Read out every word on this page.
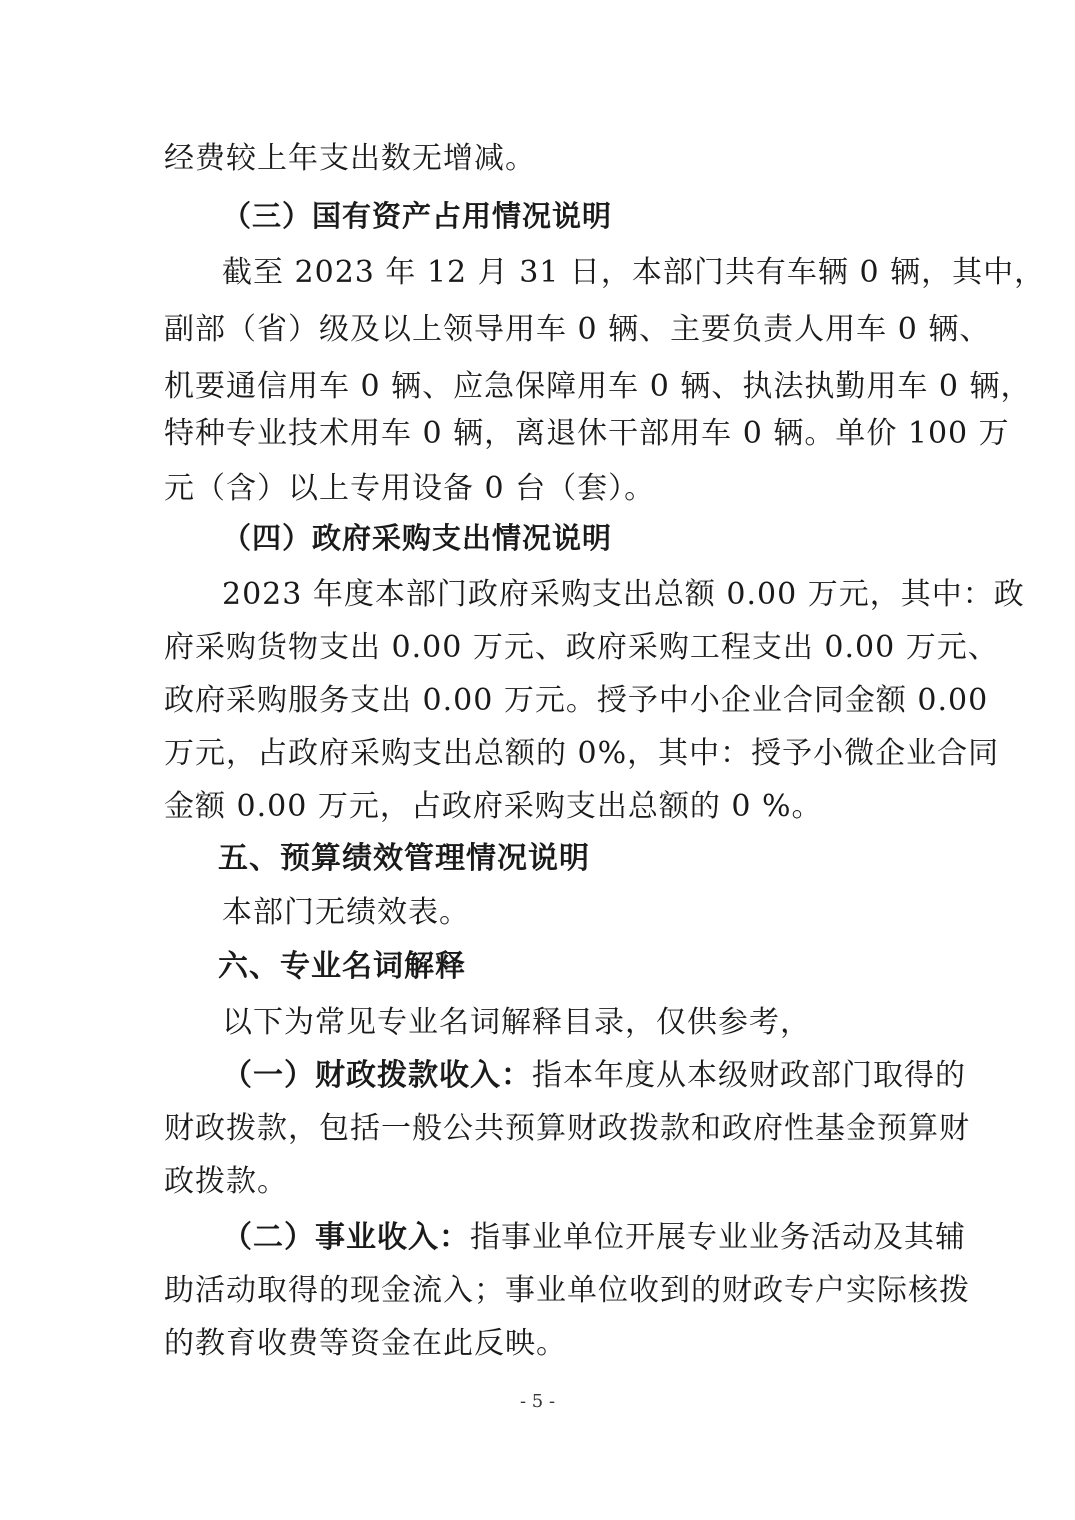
经费较上年支出数无增减。
（三）国有资产占用情况说明
截至 2023 年 12 月 31 日，本部门共有车辆 0 辆，其中，
副部（省）级及以上领导用车 0 辆、主要负责人用车 0 辆、
机要通信用车 0 辆、应急保障用车 0 辆、执法执勤用车 0 辆，
特种专业技术用车 0 辆，离退休干部用车 0 辆。单价 100 万
元（含）以上专用设备 0 台（套）。
（四）政府采购支出情况说明
2023 年度本部门政府采购支出总额 0.00 万元，其中：政
府采购货物支出 0.00 万元、政府采购工程支出 0.00 万元、
政府采购服务支出 0.00 万元。授予中小企业合同金额 0.00
万元，占政府采购支出总额的 0%，其中：授予小微企业合同
金额 0.00 万元，占政府采购支出总额的 0 %。
五、预算绩效管理情况说明
本部门无绩效表。
六、专业名词解释
以下为常见专业名词解释目录，仅供参考，
（一）财政拨款收入：指本年度从本级财政部门取得的
财政拨款，包括一般公共预算财政拨款和政府性基金预算财
政拨款。
（二）事业收入：指事业单位开展专业业务活动及其辅
助活动取得的现金流入；事业单位收到的财政专户实际核拨
的教育收费等资金在此反映。
- 5 -
